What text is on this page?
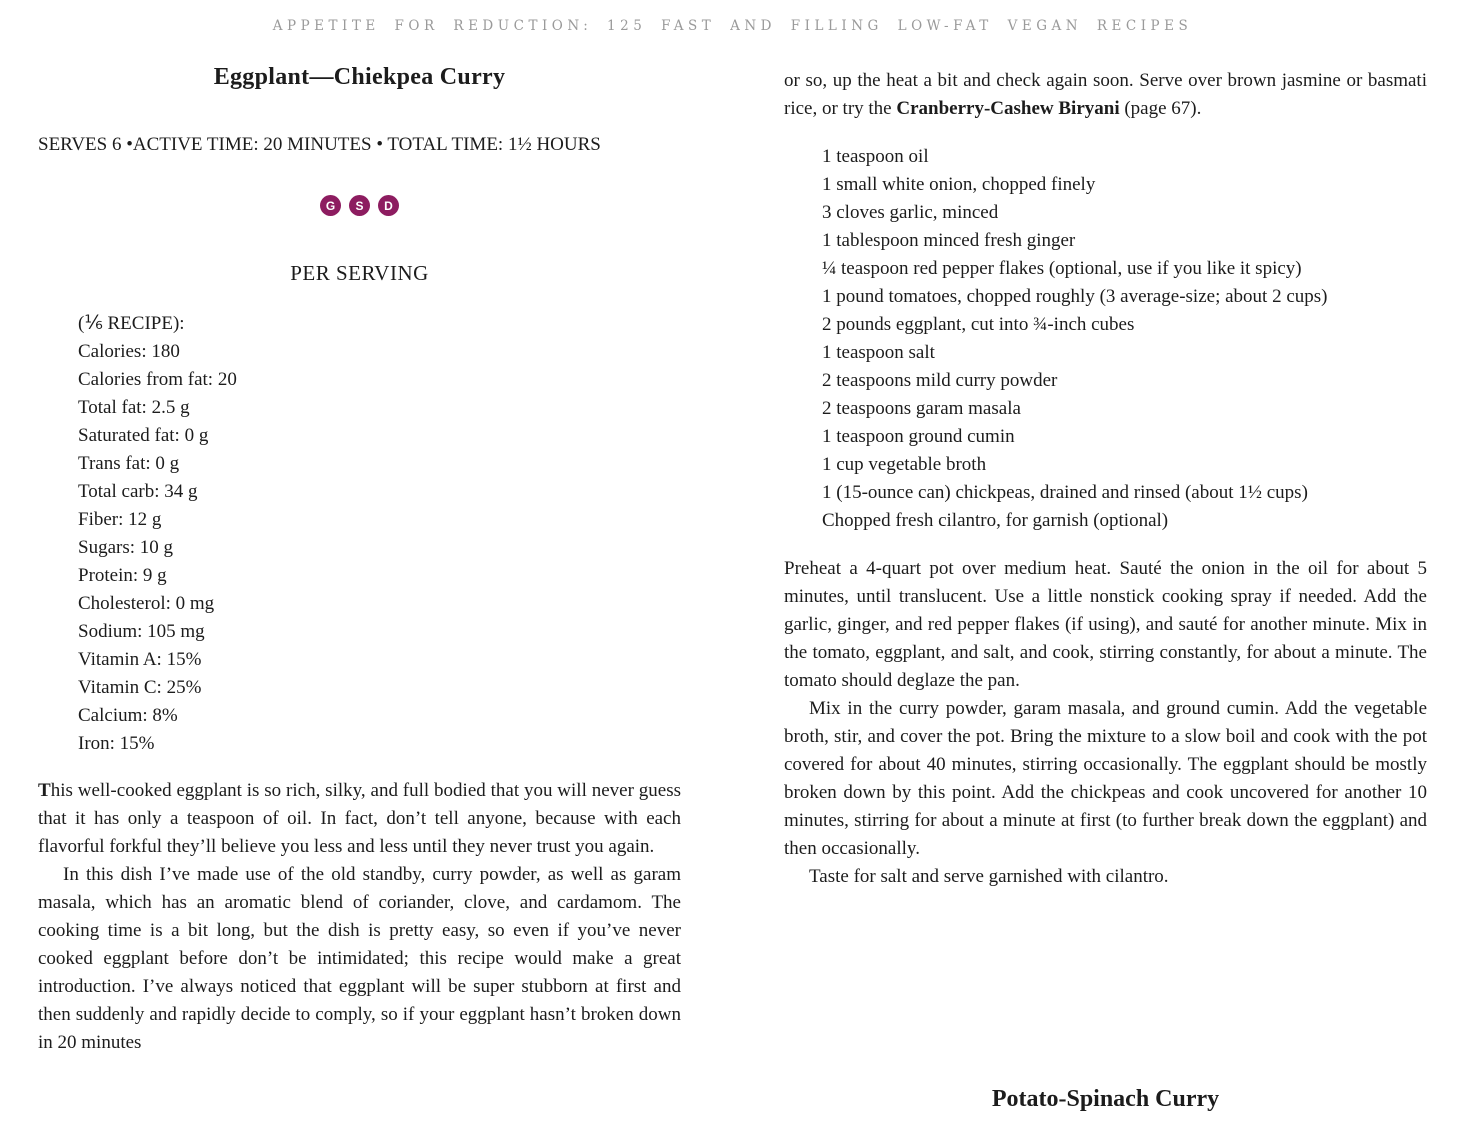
APPETITE FOR REDUCTION: 125 FAST AND FILLING LOW-FAT VEGAN RECIPES
Eggplant—Chiekpea Curry
SERVES 6 •ACTIVE TIME: 20 MINUTES • TOTAL TIME: 1½ HOURS
G S D
PER SERVING
(⅙ RECIPE):
Calories: 180
Calories from fat: 20
Total fat: 2.5 g
Saturated fat: 0 g
Trans fat: 0 g
Total carb: 34 g
Fiber: 12 g
Sugars: 10 g
Protein: 9 g
Cholesterol: 0 mg
Sodium: 105 mg
Vitamin A: 15%
Vitamin C: 25%
Calcium: 8%
Iron: 15%

This well-cooked eggplant is so rich, silky, and full bodied that you will never guess that it has only a teaspoon of oil. In fact, don’t tell anyone, because with each flavorful forkful they’ll believe you less and less until they never trust you again.

In this dish I’ve made use of the old standby, curry powder, as well as garam masala, which has an aromatic blend of coriander, clove, and cardamom. The cooking time is a bit long, but the dish is pretty easy, so even if you’ve never cooked eggplant before don’t be intimidated; this recipe would make a great introduction. I’ve always noticed that eggplant will be super stubborn at first and then suddenly and rapidly decide to comply, so if your eggplant hasn’t broken down in 20 minutes

or so, up the heat a bit and check again soon. Serve over brown jasmine or basmati rice, or try the Cranberry-Cashew Biryani (page 67).

1 teaspoon oil
1 small white onion, chopped finely
3 cloves garlic, minced
1 tablespoon minced fresh ginger
¼ teaspoon red pepper flakes (optional, use if you like it spicy)
1 pound tomatoes, chopped roughly (3 average-size; about 2 cups)
2 pounds eggplant, cut into ¾-inch cubes
1 teaspoon salt
2 teaspoons mild curry powder
2 teaspoons garam masala
1 teaspoon ground cumin
1 cup vegetable broth
1 (15-ounce can) chickpeas, drained and rinsed (about 1½ cups)
Chopped fresh cilantro, for garnish (optional)

Preheat a 4-quart pot over medium heat. Sauté the onion in the oil for about 5 minutes, until translucent. Use a little nonstick cooking spray if needed. Add the garlic, ginger, and red pepper flakes (if using), and sauté for another minute. Mix in the tomato, eggplant, and salt, and cook, stirring constantly, for about a minute. The tomato should deglaze the pan.

Mix in the curry powder, garam masala, and ground cumin. Add the vegetable broth, stir, and cover the pot. Bring the mixture to a slow boil and cook with the pot covered for about 40 minutes, stirring occasionally. The eggplant should be mostly broken down by this point. Add the chickpeas and cook uncovered for another 10 minutes, stirring for about a minute at first (to further break down the eggplant) and then occasionally.

Taste for salt and serve garnished with cilantro.

Potato-Spinach Curry
